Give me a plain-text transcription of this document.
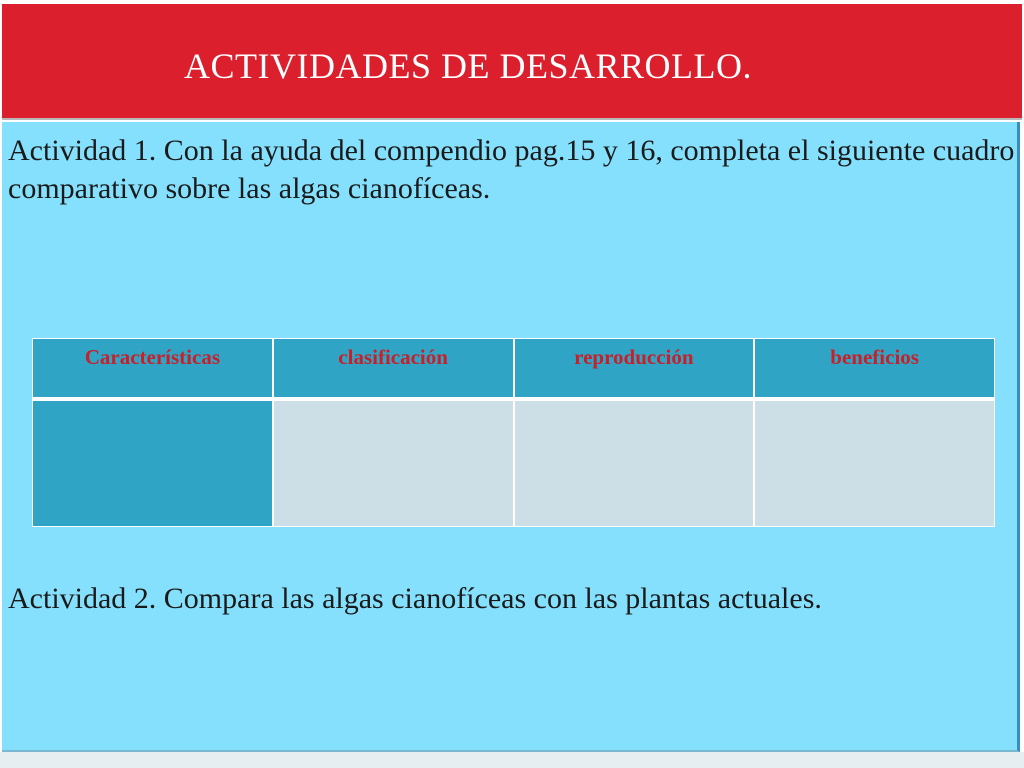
ACTIVIDADES DE DESARROLLO.

Actividad 1. Con la ayuda del compendio pag.15 y 16, completa el siguiente cuadro comparativo sobre las algas cianofíceas.

Características	clasificación	reproducción	beneficios

Actividad 2. Compara las algas cianofíceas con las plantas actuales.
